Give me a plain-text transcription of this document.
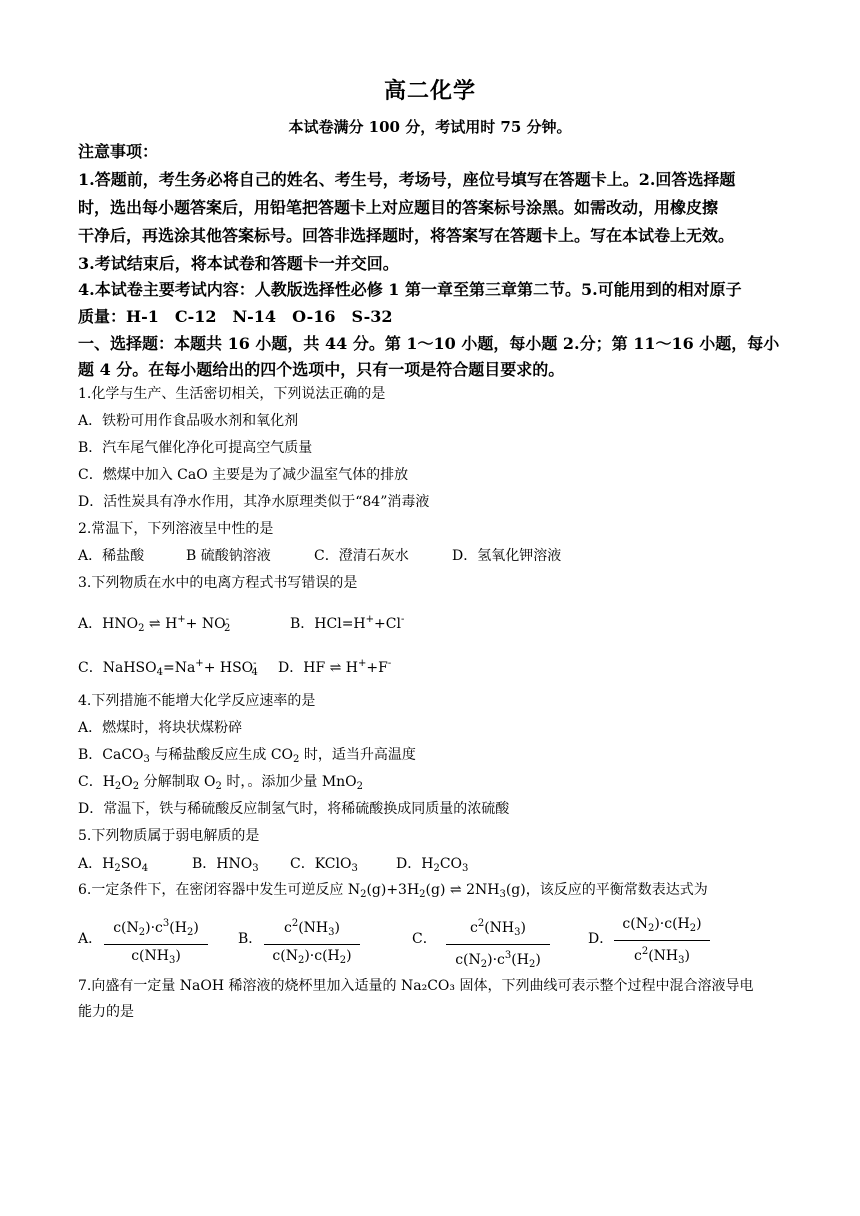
高二化学
本试卷满分 100 分，考试用时 75 分钟。
注意事项：
1.答题前，考生务必将自己的姓名、考生号，考场号，座位号填写在答题卡上。2.回答选择题
时，选出每小题答案后，用铅笔把答题卡上对应题目的答案标号涂黑。如需改动，用橡皮擦
干净后，再选涂其他答案标号。回答非选择题时，将答案写在答题卡上。写在本试卷上无效。
3.考试结束后，将本试卷和答题卡一并交回。
4.本试卷主要考试内容：人教版选择性必修 1 第一章至第三章第二节。5.可能用到的相对原子
质量：H-1　C-12　N-14　O-16　S-32
一、选择题：本题共 16 小题，共 44 分。第 1～10 小题，每小题 2.分；第 11～16 小题，每小
题 4 分。在每小题给出的四个选项中，只有一项是符合题目要求的。
1.化学与生产、生活密切相关，下列说法正确的是
A．铁粉可用作食品吸水剂和氧化剂
B．汽车尾气催化净化可提高空气质量
C．燃煤中加入 CaO 主要是为了减少温室气体的排放
D．活性炭具有净水作用，其净水原理类似于“84”消毒液
2.常温下，下列溶液呈中性的是
A．稀盐酸	B 硫酸钠溶液	C．澄清石灰水	D．氢氧化钾溶液
3.下列物质在水中的电离方程式书写错误的是
A．$HNO_2$ ⇌ $H^++ NO^-_2$	B．HCl=H++Cl-
C．NaHSO$_4$=Na++ $HSO^-_4$ D．HF ⇌ H++F-
4.下列措施不能增大化学反应速率的是
A．燃煤时，将块状煤粉碎
B．CaCO$_3$ 与稀盐酸反应生成 $CO_2$ 时，适当升高温度
C．$H_2O_2$ 分解制取 $O_2$ 时，。添加少量 MnO$_2$
D．常温下，铁与稀硫酸反应制氢气时，将稀硫酸换成同质量的浓硫酸
5.下列物质属于弱电解质的是
A．$H_2SO_4$	B．$HNO_3$ C．KClO$_3$	D．$H_2CO_3$
6.一定条件下，在密闭容器中发生可逆反应 $N_2(g)+3H_2(g)$ ⇌ $2NH_3(g)$，该反应的平衡常数表达式为
A．
$c(N_2)\cdot c^3(H_2)$
$c(NH_3)$
B．
$c^2(NH_3)$
$c(N_2)\cdot c(H_2)$
C．
$c^2(NH_3)$
$c(N_2)\cdot c^3(H_2)$
D．
$c(N_2)\cdot c(H_2)$
$c^2(NH_3)$
7.向盛有一定量 NaOH 稀溶液的烧杯里加入适量的 Na₂CO₃ 固体，下列曲线可表示整个过程中混合溶液导电
能力的是
